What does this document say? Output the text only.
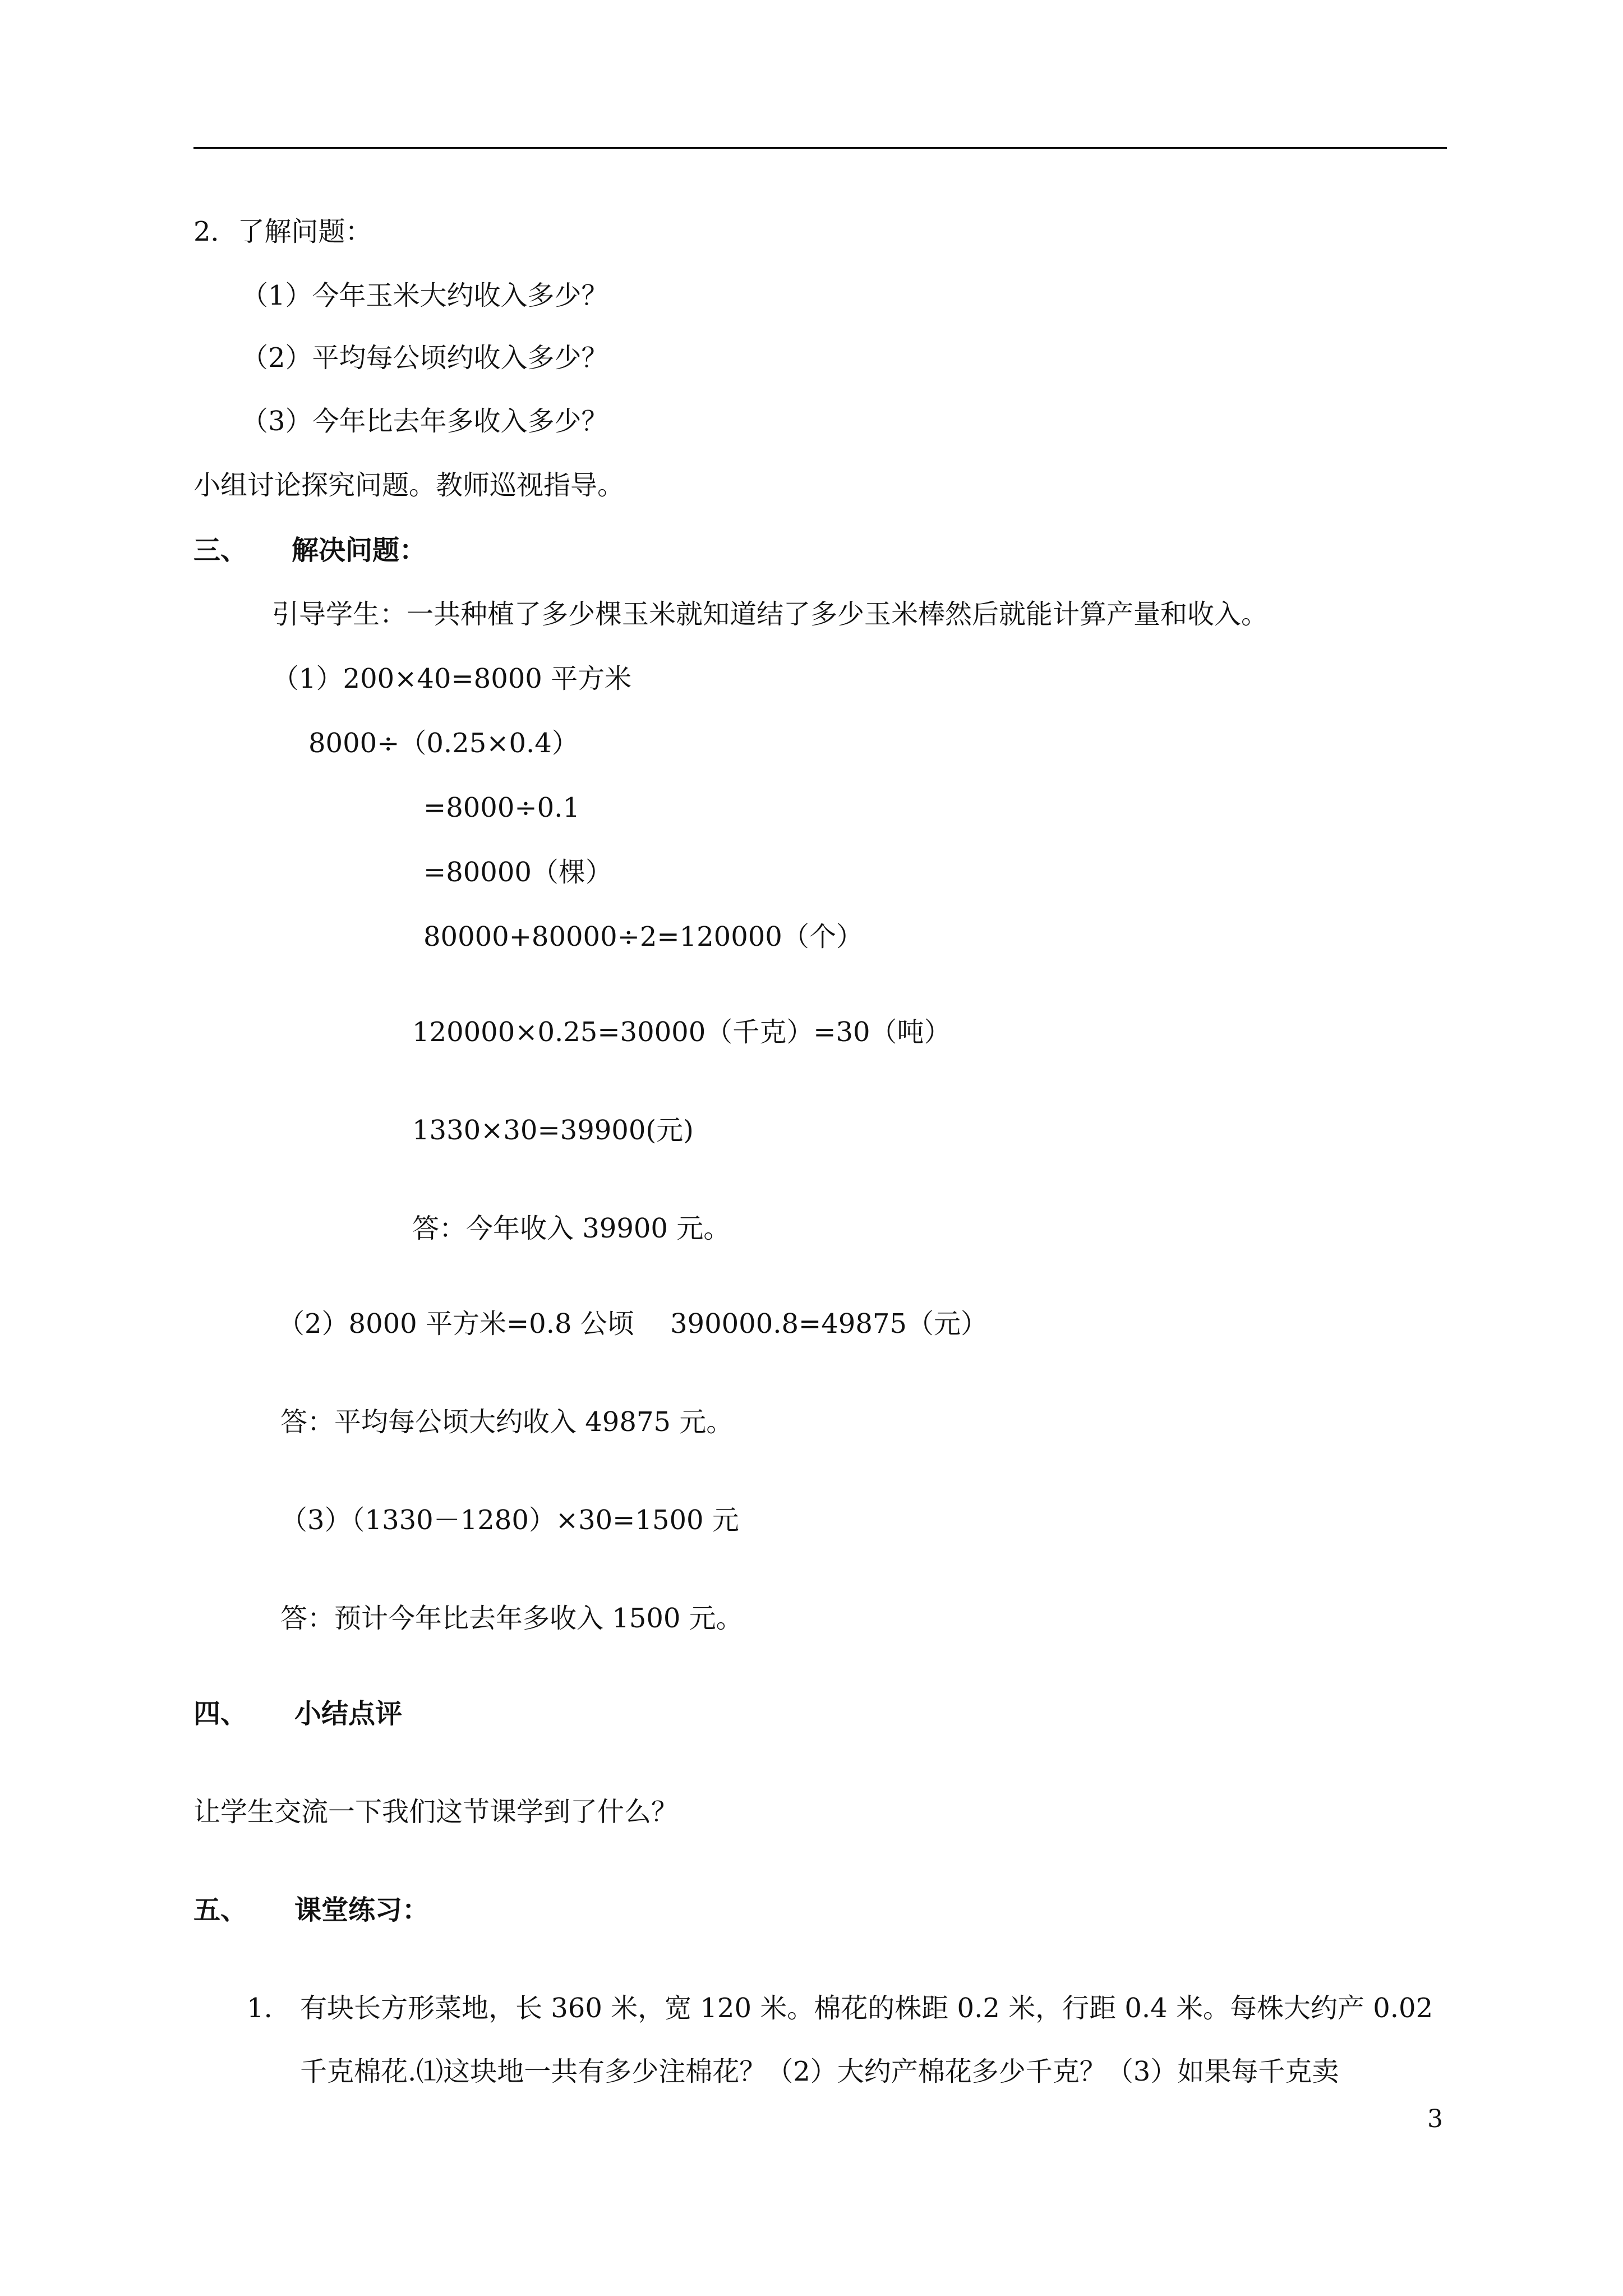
2．了解问题：
（1）今年玉米大约收入多少？
（2）平均每公顷约收入多少？
（3）今年比去年多收入多少？
小组讨论探究问题。教师巡视指导。
三、 解决问题：
引导学生：一共种植了多少棵玉米就知道结了多少玉米棒然后就能计算产量和收入。
（1）200×40=8000 平方米
8000÷（0.25×0.4）
=8000÷0.1
=80000（棵）
80000+80000÷2=120000（个）
120000×0.25=30000（千克）=30（吨）
1330×30=39900(元)
答：今年收入 39900 元。
（2）8000 平方米=0.8 公顷 390000.8=49875（元）
答：平均每公顷大约收入 49875 元。
（3）（1330－1280）×30=1500 元
答：预计今年比去年多收入 1500 元。
四、 小结点评
让学生交流一下我们这节课学到了什么？
五、 课堂练习：
1. 有块长方形菜地，长 360 米，宽 120 米。棉花的株距 0.2 米，行距 0.4 米。每株大约产 0.02
千克棉花.⑴这块地一共有多少注棉花？（2）大约产棉花多少千克？（3）如果每千克卖
3
